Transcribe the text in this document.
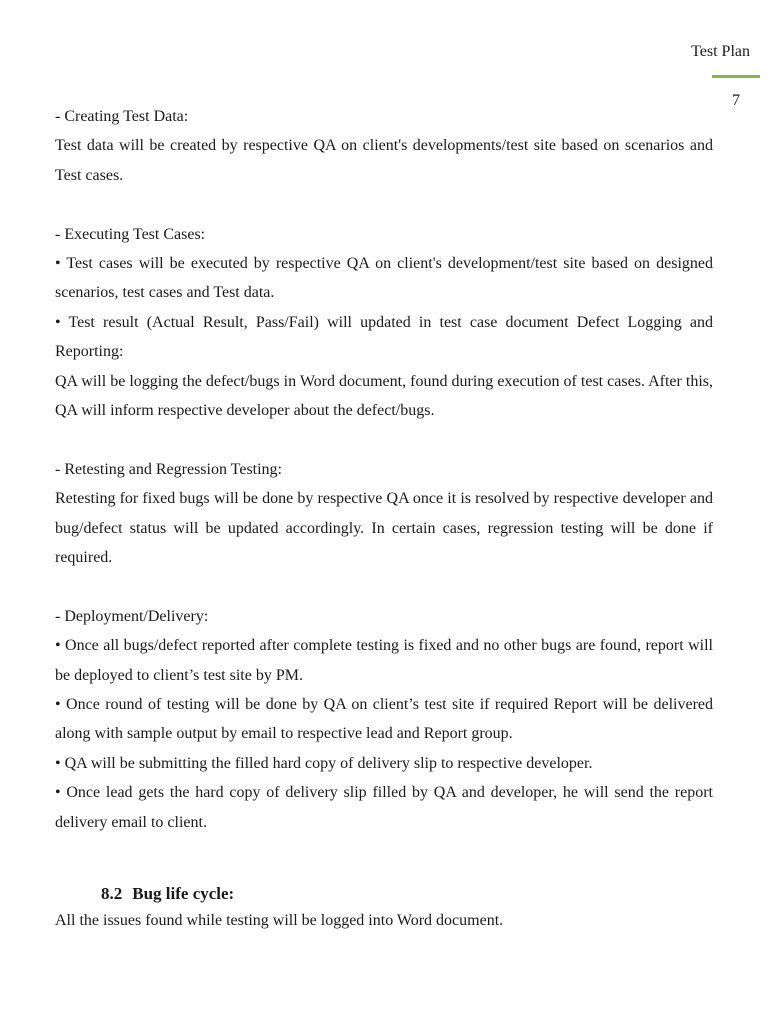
Test Plan
7

- Creating Test Data:

Test data will be created by respective QA on client's developments/test site based on scenarios and Test cases.

- Executing Test Cases:

• Test cases will be executed by respective QA on client's development/test site based on designed scenarios, test cases and Test data.

• Test result (Actual Result, Pass/Fail) will updated in test case document Defect Logging and Reporting:

QA will be logging the defect/bugs in Word document, found during execution of test cases. After this, QA will inform respective developer about the defect/bugs.

- Retesting and Regression Testing:

Retesting for fixed bugs will be done by respective QA once it is resolved by respective developer and bug/defect status will be updated accordingly. In certain cases, regression testing will be done if required.

- Deployment/Delivery:

• Once all bugs/defect reported after complete testing is fixed and no other bugs are found, report will be deployed to client’s test site by PM.

• Once round of testing will be done by QA on client’s test site if required Report will be delivered along with sample output by email to respective lead and Report group.

• QA will be submitting the filled hard copy of delivery slip to respective developer.

• Once lead gets the hard copy of delivery slip filled by QA and developer, he will send the report delivery email to client.

8.2 Bug life cycle:
All the issues found while testing will be logged into Word document.
